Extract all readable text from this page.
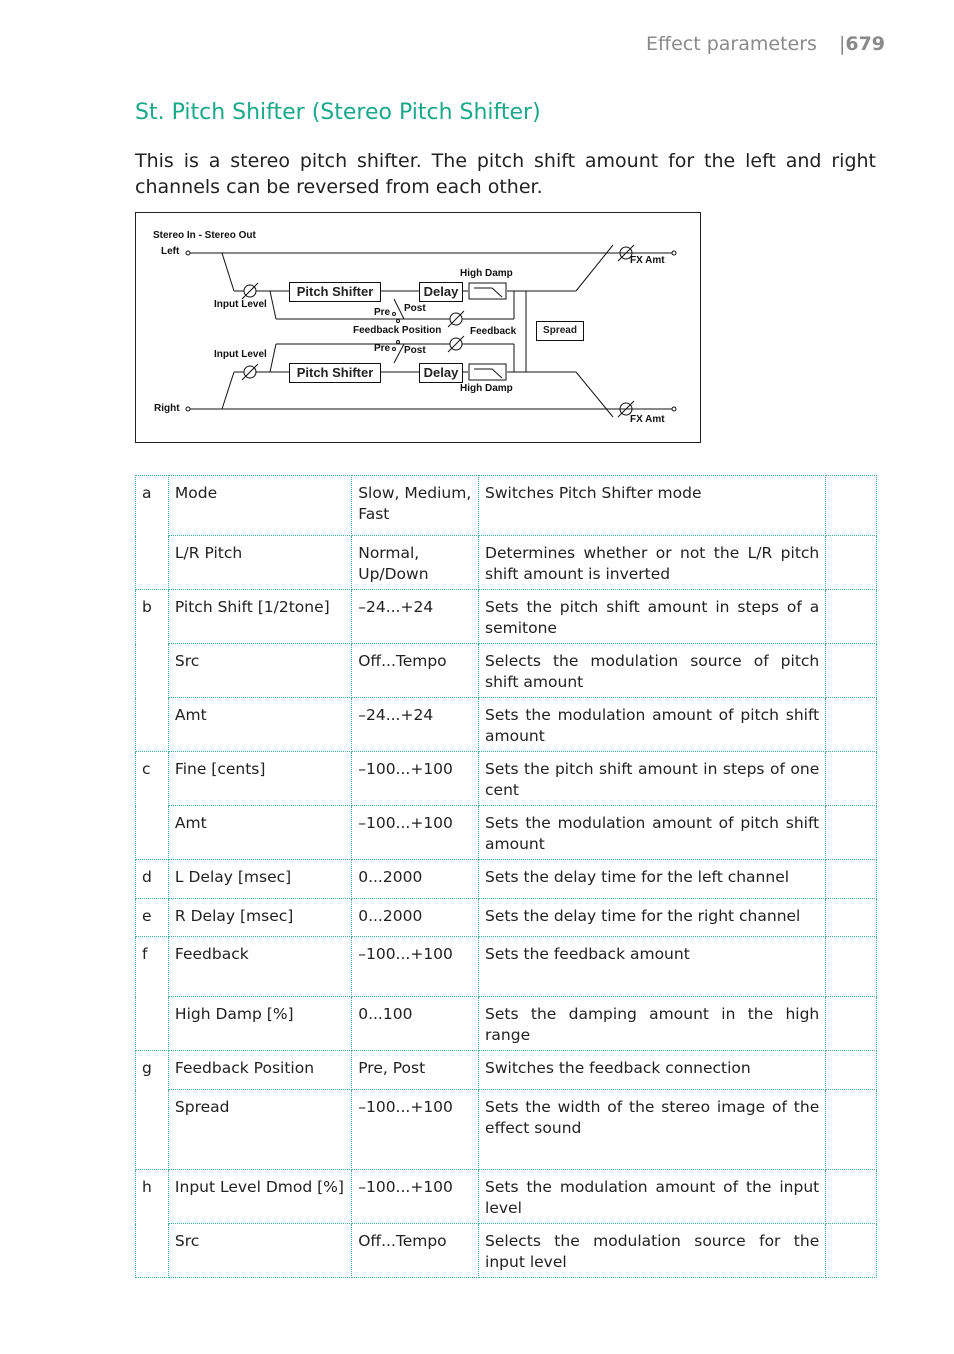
Effect parameters |679
St. Pitch Shifter (Stereo Pitch Shifter)
This is a stereo pitch shifter. The pitch shift amount for the left and right channels can be reversed from each other.
Stereo In - Stereo Out
Left
Right
FX Amt
FX Amt
Input Level
Input Level
Pitch Shifter
Pitch Shifter
Delay
Delay
Spread
High Damp
High Damp
Pre Post
Pre Post
Feedback Position	Feedback
a	Mode	Slow, Medium, Fast	Switches Pitch Shifter mode	
	L/R Pitch	Normal, Up/Down	Determines whether or not the L/R pitch shift amount is inverted	
b	Pitch Shift [1/2tone]	–24...+24	Sets the pitch shift amount in steps of a semitone	
	Src	Off...Tempo	Selects the modulation source of pitch shift amount	
	Amt	–24...+24	Sets the modulation amount of pitch shift amount	
c	Fine [cents]	–100...+100	Sets the pitch shift amount in steps of one cent	
	Amt	–100...+100	Sets the modulation amount of pitch shift amount	
d	L Delay [msec]	0...2000	Sets the delay time for the left channel	
e	R Delay [msec]	0...2000	Sets the delay time for the right channel	
f	Feedback	–100...+100	Sets the feedback amount	
	High Damp [%]	0...100	Sets the damping amount in the high range	
g	Feedback Position	Pre, Post	Switches the feedback connection	
	Spread	–100...+100	Sets the width of the stereo image of the effect sound	
h	Input Level Dmod [%]	–100...+100	Sets the modulation amount of the input level	
	Src	Off...Tempo	Selects the modulation source for the input level	
